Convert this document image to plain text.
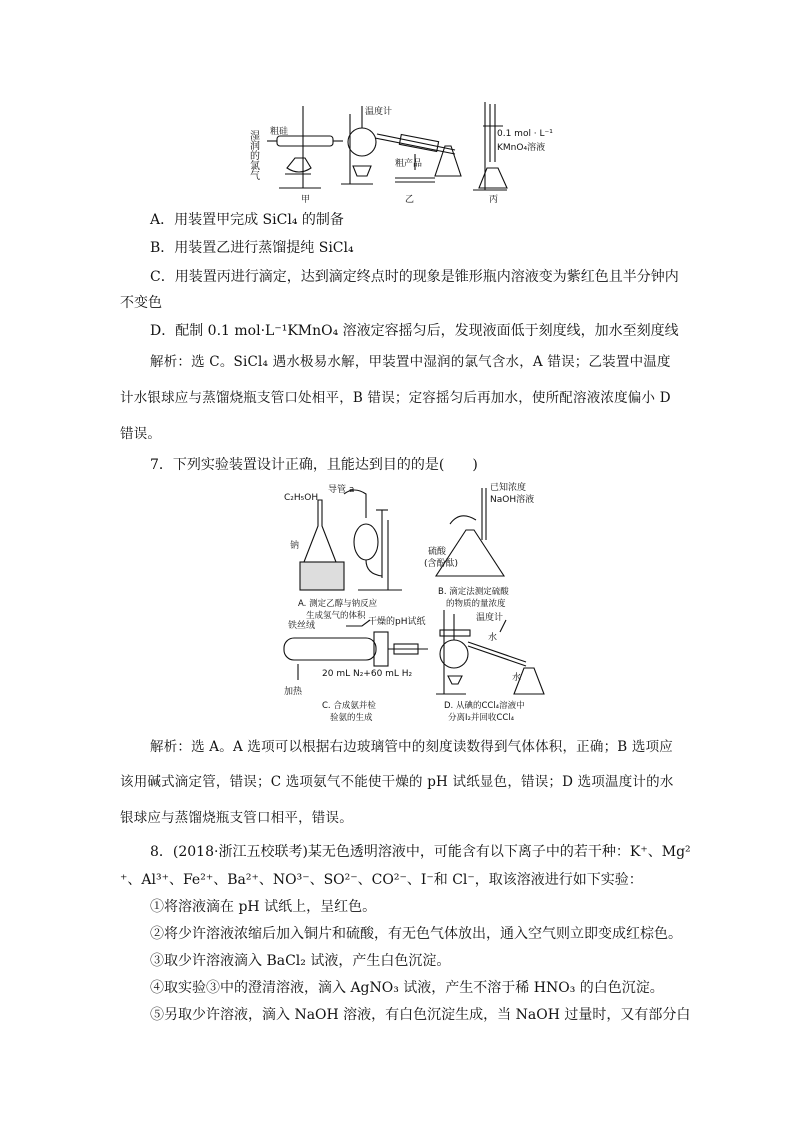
湿润的氯气 粗硅
温度计
粗产品
0.1 mol · L⁻¹
KMnO₄溶液
甲	乙	丙
A．用装置甲完成 SiCl₄ 的制备
B．用装置乙进行蒸馏提纯 SiCl₄
C．用装置丙进行滴定，达到滴定终点时的现象是锥形瓶内溶液变为紫红色且半分钟内
不变色
D．配制 0.1 mol·L⁻¹KMnO₄ 溶液定容摇匀后，发现液面低于刻度线，加水至刻度线
解析：选 C。SiCl₄ 遇水极易水解，甲装置中湿润的氯气含水，A 错误；乙装置中温度
计水银球应与蒸馏烧瓶支管口处相平，B 错误；定容摇匀后再加水，使所配溶液浓度偏小 D
错误。
7．下列实验装置设计正确，且能达到目的的是(　　)
C₂H₅OH
导管 a
钠
A. 测定乙醇与钠反应
生成氢气的体积
已知浓度
NaOH溶液
硫酸
(含酚酞)
B. 滴定法测定硫酸
的物质的量浓度
铁丝绒	干燥的pH试纸
20 mL N₂+60 mL H₂
加热
C. 合成氨并检
验氨的生成
温度计
水
水
D. 从碘的CCl₄溶液中
分离I₂并回收CCl₄
解析：选 A。A 选项可以根据右边玻璃管中的刻度读数得到气体体积，正确；B 选项应
该用碱式滴定管，错误；C 选项氨气不能使干燥的 pH 试纸显色，错误；D 选项温度计的水
银球应与蒸馏烧瓶支管口相平，错误。
8．(2018·浙江五校联考)某无色透明溶液中，可能含有以下离子中的若干种：K⁺、Mg²
⁺、Al³⁺、Fe²⁺、Ba²⁺、NO³⁻、SO²⁻、CO²⁻、I⁻和 Cl⁻，取该溶液进行如下实验：
①将溶液滴在 pH 试纸上，呈红色。
②将少许溶液浓缩后加入铜片和硫酸，有无色气体放出，通入空气则立即变成红棕色。
③取少许溶液滴入 BaCl₂ 试液，产生白色沉淀。
④取实验③中的澄清溶液，滴入 AgNO₃ 试液，产生不溶于稀 HNO₃ 的白色沉淀。
⑤另取少许溶液，滴入 NaOH 溶液，有白色沉淀生成，当 NaOH 过量时，又有部分白
